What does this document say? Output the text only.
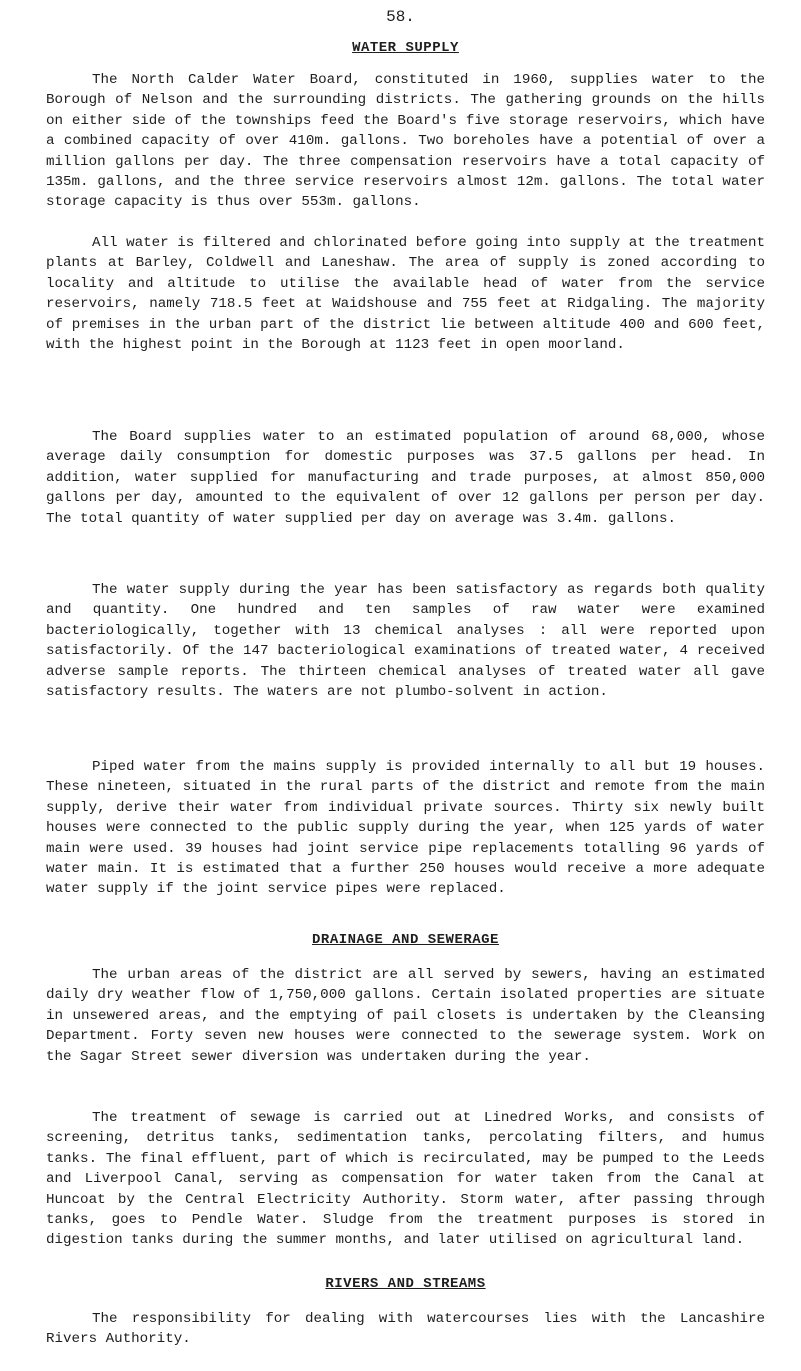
58.
WATER SUPPLY

The North Calder Water Board, constituted in 1960, supplies water to the Borough of Nelson and the surrounding districts. The gathering grounds on the hills on either side of the townships feed the Board's five storage reservoirs, which have a combined capacity of over 410m. gallons. Two boreholes have a potential of over a million gallons per day. The three compensation reservoirs have a total capacity of 135m. gallons, and the three service reservoirs almost 12m. gallons. The total water storage capacity is thus over 553m. gallons.

All water is filtered and chlorinated before going into supply at the treatment plants at Barley, Coldwell and Laneshaw. The area of supply is zoned according to locality and altitude to utilise the available head of water from the service reservoirs, namely 718.5 feet at Waidshouse and 755 feet at Ridgaling. The majority of premises in the urban part of the district lie between altitude 400 and 600 feet, with the highest point in the Borough at 1123 feet in open moorland.

The Board supplies water to an estimated population of around 68,000, whose average daily consumption for domestic purposes was 37.5 gallons per head. In addition, water supplied for manufacturing and trade purposes, at almost 850,000 gallons per day, amounted to the equivalent of over 12 gallons per person per day. The total quantity of water supplied per day on average was 3.4m. gallons.

The water supply during the year has been satisfactory as regards both quality and quantity. One hundred and ten samples of raw water were examined bacteriologically, together with 13 chemical analyses : all were reported upon satisfactorily. Of the 147 bacteriological examinations of treated water, 4 received adverse sample reports. The thirteen chemical analyses of treated water all gave satisfactory results. The waters are not plumbo-solvent in action.

Piped water from the mains supply is provided internally to all but 19 houses. These nineteen, situated in the rural parts of the district and remote from the main supply, derive their water from individual private sources. Thirty six newly built houses were connected to the public supply during the year, when 125 yards of water main were used. 39 houses had joint service pipe replacements totalling 96 yards of water main. It is estimated that a further 250 houses would receive a more adequate water supply if the joint service pipes were replaced.

DRAINAGE AND SEWERAGE

The urban areas of the district are all served by sewers, having an estimated daily dry weather flow of 1,750,000 gallons. Certain isolated properties are situate in unsewered areas, and the emptying of pail closets is undertaken by the Cleansing Department. Forty seven new houses were connected to the sewerage system. Work on the Sagar Street sewer diversion was undertaken during the year.

The treatment of sewage is carried out at Linedred Works, and consists of screening, detritus tanks, sedimentation tanks, percolating filters, and humus tanks. The final effluent, part of which is recirculated, may be pumped to the Leeds and Liverpool Canal, serving as compensation for water taken from the Canal at Huncoat by the Central Electricity Authority. Storm water, after passing through tanks, goes to Pendle Water. Sludge from the treatment purposes is stored in digestion tanks during the summer months, and later utilised on agricultural land.

RIVERS AND STREAMS

The responsibility for dealing with watercourses lies with the Lancashire Rivers Authority.
